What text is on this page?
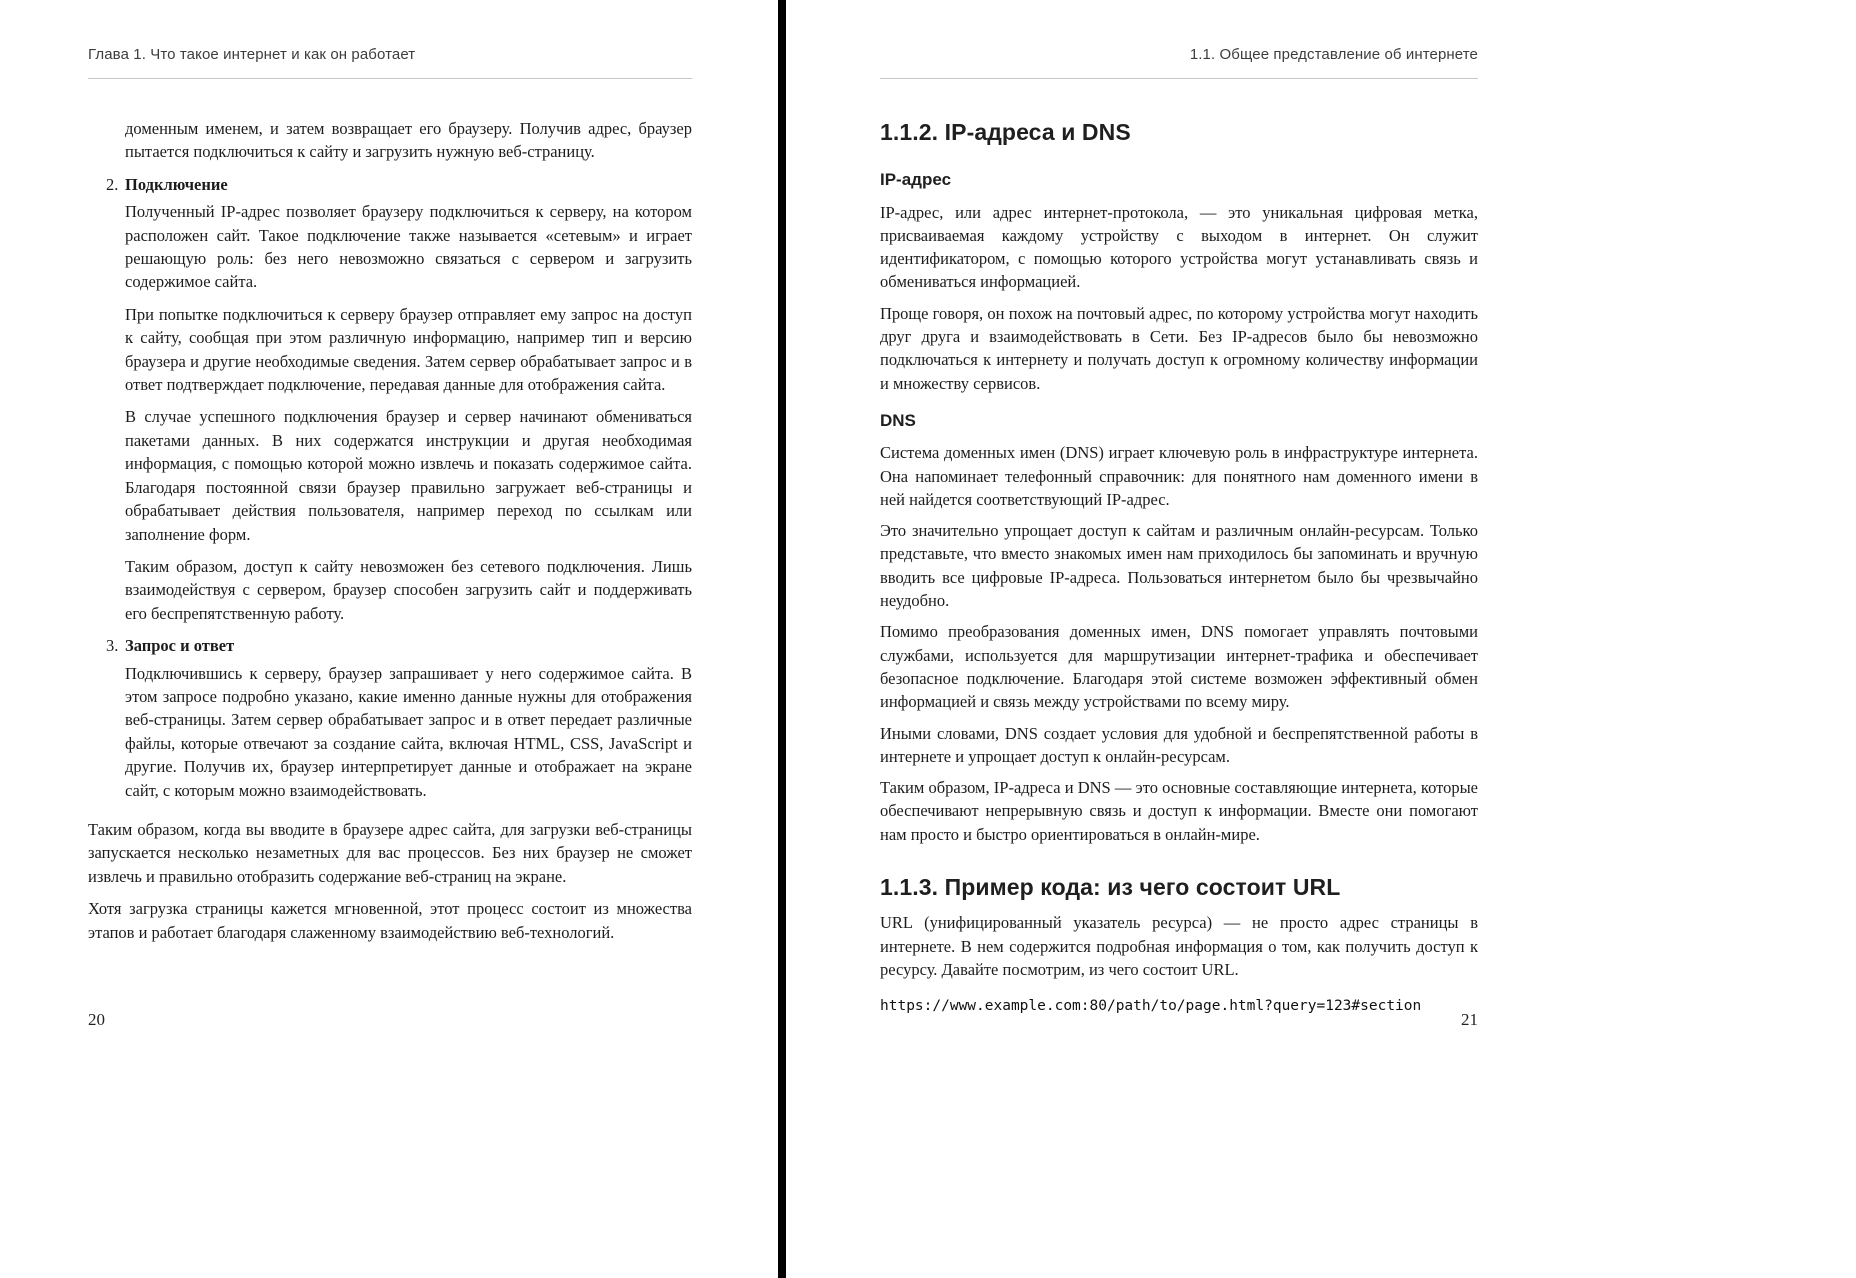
Глава 1. Что такое интернет и как он работает

доменным именем, и затем возвращает его браузеру. Получив адрес, браузер пытается подключиться к сайту и загрузить нужную веб-страницу.

2. Подключение

Полученный IP-адрес позволяет браузеру подключиться к серверу, на котором расположен сайт. Такое подключение также называется «сетевым» и играет решающую роль: без него невозможно связаться с сервером и загрузить содержимое сайта.

При попытке подключиться к серверу браузер отправляет ему запрос на доступ к сайту, сообщая при этом различную информацию, например тип и версию браузера и другие необходимые сведения. Затем сервер обрабатывает запрос и в ответ подтверждает подключение, передавая данные для отображения сайта.

В случае успешного подключения браузер и сервер начинают обмениваться пакетами данных. В них содержатся инструкции и другая необходимая информация, с помощью которой можно извлечь и показать содержимое сайта. Благодаря постоянной связи браузер правильно загружает веб-страницы и обрабатывает действия пользователя, например переход по ссылкам или заполнение форм.

Таким образом, доступ к сайту невозможен без сетевого подключения. Лишь взаимодействуя с сервером, браузер способен загрузить сайт и поддерживать его беспрепятственную работу.

3. Запрос и ответ

Подключившись к серверу, браузер запрашивает у него содержимое сайта. В этом запросе подробно указано, какие именно данные нужны для отображения веб-страницы. Затем сервер обрабатывает запрос и в ответ передает различные файлы, которые отвечают за создание сайта, включая HTML, CSS, JavaScript и другие. Получив их, браузер интерпретирует данные и отображает на экране сайт, с которым можно взаимодействовать.

Таким образом, когда вы вводите в браузере адрес сайта, для загрузки веб-страницы запускается несколько незаметных для вас процессов. Без них браузер не сможет извлечь и правильно отобразить содержание веб-страниц на экране.

Хотя загрузка страницы кажется мгновенной, этот процесс состоит из множества этапов и работает благодаря слаженному взаимодействию веб-технологий.

20
1.1. Общее представление об интернете
1.1.2. IP-адреса и DNS
IP-адрес

IP-адрес, или адрес интернет-протокола, — это уникальная цифровая метка, присваиваемая каждому устройству с выходом в интернет. Он служит идентификатором, с помощью которого устройства могут устанавливать связь и обмениваться информацией.

Проще говоря, он похож на почтовый адрес, по которому устройства могут находить друг друга и взаимодействовать в Сети. Без IP-адресов было бы невозможно подключаться к интернету и получать доступ к огромному количеству информации и множеству сервисов.

DNS

Система доменных имен (DNS) играет ключевую роль в инфраструктуре интернета. Она напоминает телефонный справочник: для понятного нам доменного имени в ней найдется соответствующий IP-адрес.

Это значительно упрощает доступ к сайтам и различным онлайн-ресурсам. Только представьте, что вместо знакомых имен нам приходилось бы запоминать и вручную вводить все цифровые IP-адреса. Пользоваться интернетом было бы чрезвычайно неудобно.

Помимо преобразования доменных имен, DNS помогает управлять почтовыми службами, используется для маршрутизации интернет-трафика и обеспечивает безопасное подключение. Благодаря этой системе возможен эффективный обмен информацией и связь между устройствами по всему миру.

Иными словами, DNS создает условия для удобной и беспрепятственной работы в интернете и упрощает доступ к онлайн-ресурсам.

Таким образом, IP-адреса и DNS — это основные составляющие интернета, которые обеспечивают непрерывную связь и доступ к информации. Вместе они помогают нам просто и быстро ориентироваться в онлайн-мире.

1.1.3. Пример кода: из чего состоит URL

URL (унифицированный указатель ресурса) — не просто адрес страницы в интернете. В нем содержится подробная информация о том, как получить доступ к ресурсу. Давайте посмотрим, из чего состоит URL.

https://www.example.com:80/path/to/page.html?query=123#section
21
